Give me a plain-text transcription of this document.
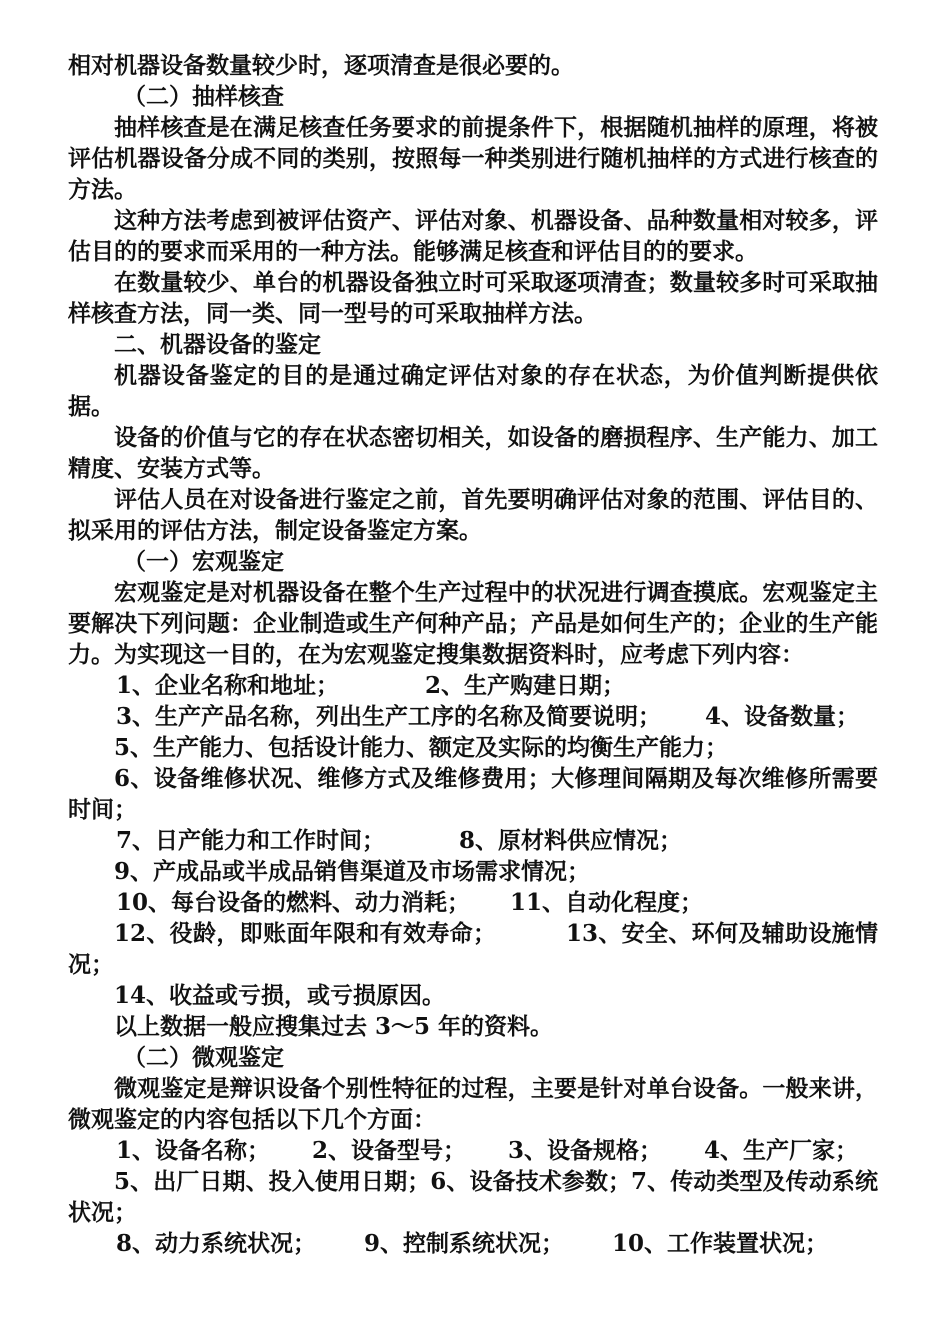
相对机器设备数量较少时，逐项清查是很必要的。

（二）抽样核查

抽样核查是在满足核查任务要求的前提条件下，根据随机抽样的原理，将被评估机器设备分成不同的类别，按照每一种类别进行随机抽样的方式进行核查的方法。

这种方法考虑到被评估资产、评估对象、机器设备、品种数量相对较多，评估目的的要求而采用的一种方法。能够满足核查和评估目的的要求。

在数量较少、单台的机器设备独立时可采取逐项清查；数量较多时可采取抽样核查方法，同一类、同一型号的可采取抽样方法。

二、机器设备的鉴定

机器设备鉴定的目的是通过确定评估对象的存在状态，为价值判断提供依据。

设备的价值与它的存在状态密切相关，如设备的磨损程序、生产能力、加工精度、安装方式等。

评估人员在对设备进行鉴定之前，首先要明确评估对象的范围、评估目的、拟采用的评估方法，制定设备鉴定方案。

（一）宏观鉴定

宏观鉴定是对机器设备在整个生产过程中的状况进行调查摸底。宏观鉴定主要解决下列问题：企业制造或生产何种产品；产品是如何生产的；企业的生产能力。为实现这一目的，在为宏观鉴定搜集数据资料时，应考虑下列内容：

1、企业名称和地址；	2、生产购建日期；

3、生产产品名称，列出生产工序的名称及简要说明； 4、设备数量；

5、生产能力、包括设计能力、额定及实际的均衡生产能力；

6、设备维修状况、维修方式及维修费用；大修理间隔期及每次维修所需要时间；

7、日产能力和工作时间；	8、原材料供应情况；

9、产成品或半成品销售渠道及市场需求情况；

10、每台设备的燃料、动力消耗； 11、自动化程度；

12、役龄，即账面年限和有效寿命；	13、安全、环何及辅助设施情况；

14、收益或亏损，或亏损原因。

以上数据一般应搜集过去 3～5 年的资料。

（二）微观鉴定

微观鉴定是辩识设备个别性特征的过程，主要是针对单台设备。一般来讲，微观鉴定的内容包括以下几个方面：

1、设备名称； 2、设备型号； 3、设备规格； 4、生产厂家；

5、出厂日期、投入使用日期；6、设备技术参数；7、传动类型及传动系统状况；

8、动力系统状况； 9、控制系统状况； 10、工作装置状况；
